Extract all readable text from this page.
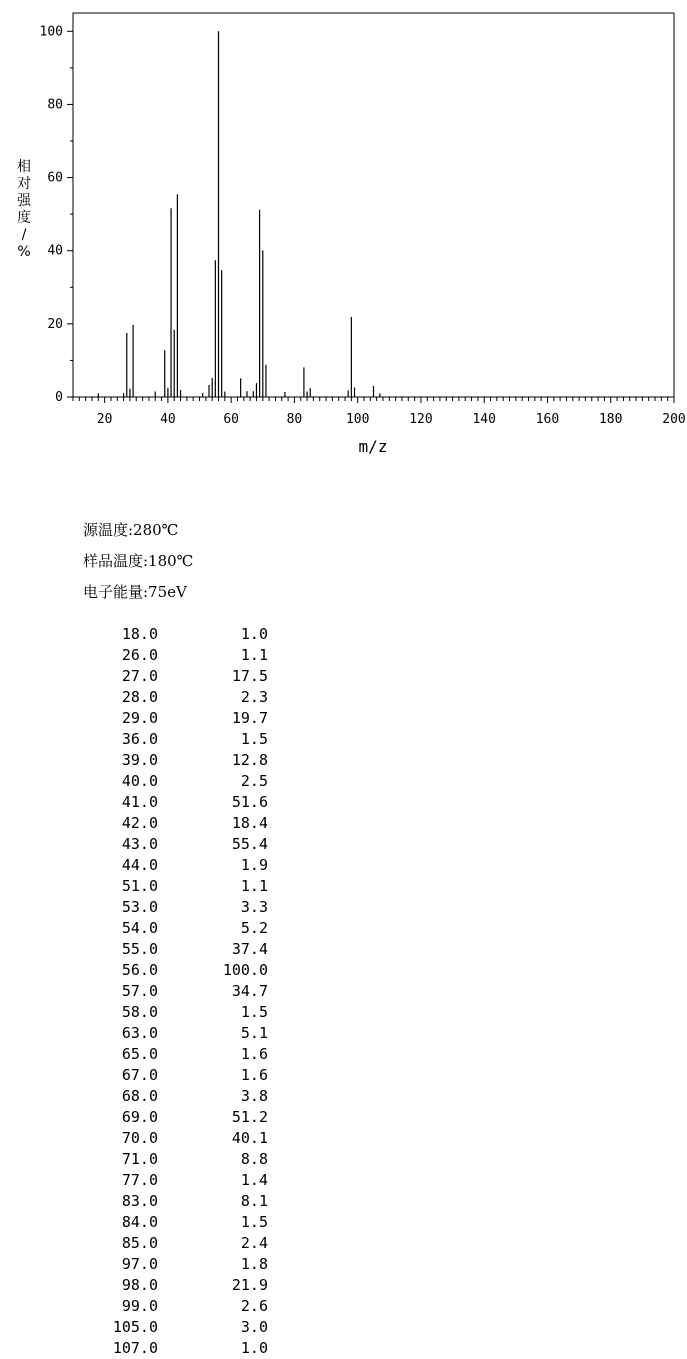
0
20
40
60
80
100
20	40	60	80	100	120	140	160	180	200
相对强度/ %
m/z
源温度:280℃
样品温度:180℃
电子能量:75eV
18.0	1.0
26.0	1.1
27.0	17.5
28.0	2.3
29.0	19.7
36.0	1.5
39.0	12.8
40.0	2.5
41.0	51.6
42.0	18.4
43.0	55.4
44.0	1.9
51.0	1.1
53.0	3.3
54.0	5.2
55.0	37.4
56.0	100.0
57.0	34.7
58.0	1.5
63.0	5.1
65.0	1.6
67.0	1.6
68.0	3.8
69.0	51.2
70.0	40.1
71.0	8.8
77.0	1.4
83.0	8.1
84.0	1.5
85.0	2.4
97.0	1.8
98.0	21.9
99.0	2.6
105.0	3.0
107.0	1.0
